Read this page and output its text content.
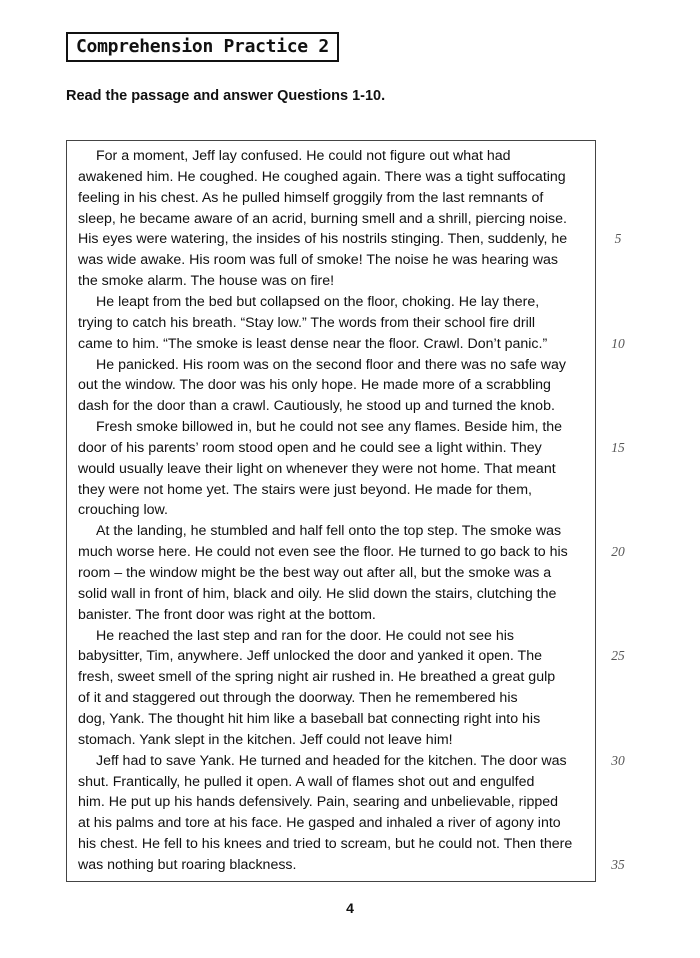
Comprehension Practice 2
Read the passage and answer Questions 1-10.
For a moment, Jeff lay confused. He could not figure out what had
awakened him. He coughed. He coughed again. There was a tight suffocating
feeling in his chest. As he pulled himself groggily from the last remnants of
sleep, he became aware of an acrid, burning smell and a shrill, piercing noise.
His eyes were watering, the insides of his nostrils stinging. Then, suddenly, he
was wide awake. His room was full of smoke! The noise he was hearing was
the smoke alarm. The house was on fire!
He leapt from the bed but collapsed on the floor, choking. He lay there,
trying to catch his breath. “Stay low.” The words from their school fire drill
came to him. “The smoke is least dense near the floor. Crawl. Don’t panic.”
He panicked. His room was on the second floor and there was no safe way
out the window. The door was his only hope. He made more of a scrabbling
dash for the door than a crawl. Cautiously, he stood up and turned the knob.
Fresh smoke billowed in, but he could not see any flames. Beside him, the
door of his parents’ room stood open and he could see a light within. They
would usually leave their light on whenever they were not home. That meant
they were not home yet. The stairs were just beyond. He made for them,
crouching low.
At the landing, he stumbled and half fell onto the top step. The smoke was
much worse here. He could not even see the floor. He turned to go back to his
room – the window might be the best way out after all, but the smoke was a
solid wall in front of him, black and oily. He slid down the stairs, clutching the
banister. The front door was right at the bottom.
He reached the last step and ran for the door. He could not see his
babysitter, Tim, anywhere. Jeff unlocked the door and yanked it open. The
fresh, sweet smell of the spring night air rushed in. He breathed a great gulp
of it and staggered out through the doorway. Then he remembered his
dog, Yank. The thought hit him like a baseball bat connecting right into his
stomach. Yank slept in the kitchen. Jeff could not leave him!
Jeff had to save Yank. He turned and headed for the kitchen. The door was
shut. Frantically, he pulled it open. A wall of flames shot out and engulfed
him. He put up his hands defensively. Pain, searing and unbelievable, ripped
at his palms and tore at his face. He gasped and inhaled a river of agony into
his chest. He fell to his knees and tried to scream, but he could not. Then there
was nothing but roaring blackness.
5
10
15
20
25
30
35
4
